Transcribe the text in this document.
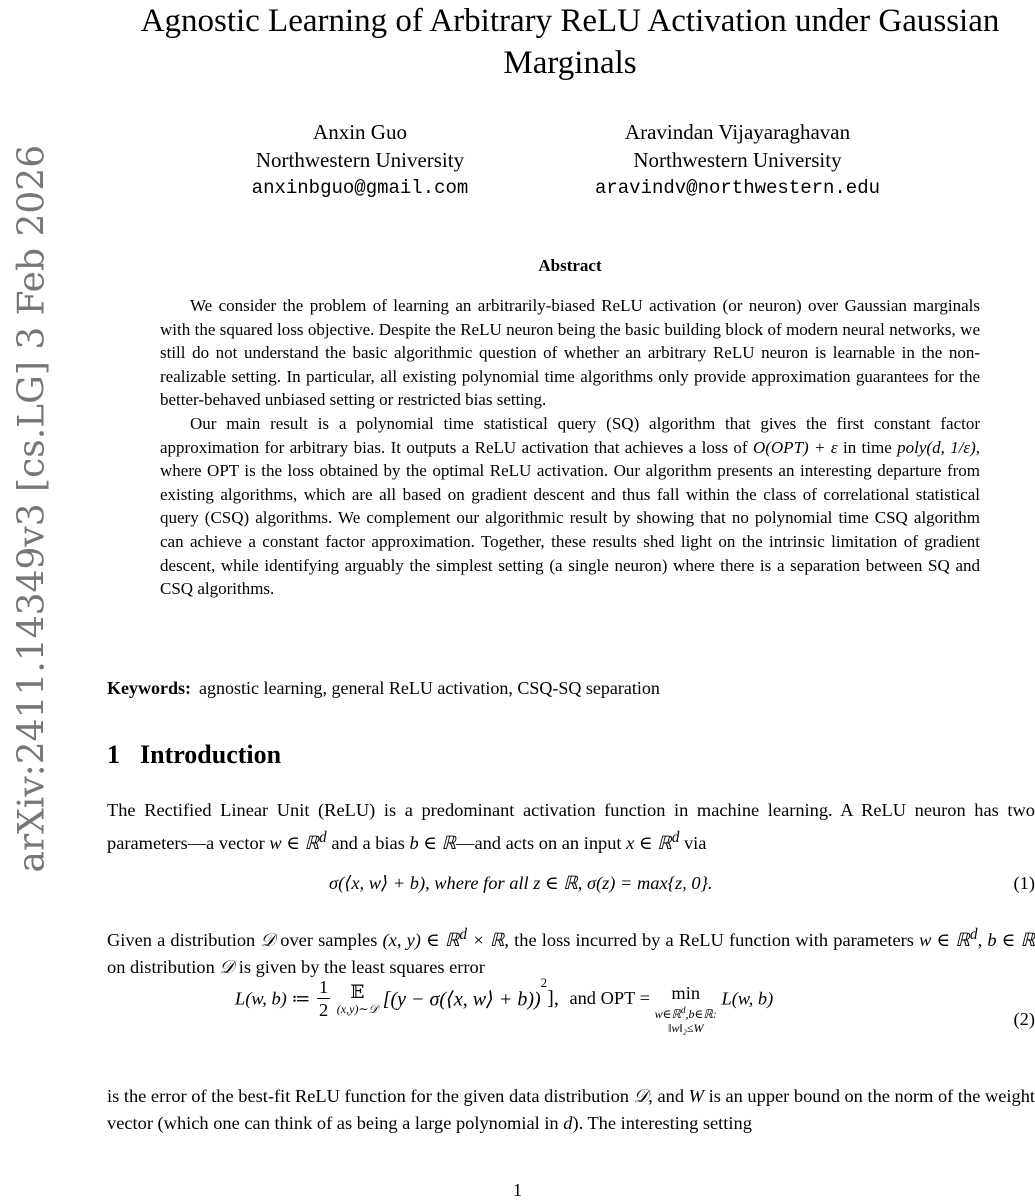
arXiv:2411.14349v3 [cs.LG] 3 Feb 2026
Agnostic Learning of Arbitrary ReLU Activation under Gaussian Marginals
Anxin Guo
Northwestern University
anxinbguo@gmail.com
Aravindan Vijayaraghavan
Northwestern University
aravindv@northwestern.edu
Abstract

We consider the problem of learning an arbitrarily-biased ReLU activation (or neuron) over Gaussian marginals with the squared loss objective. Despite the ReLU neuron being the basic building block of modern neural networks, we still do not understand the basic algorithmic question of whether an arbitrary ReLU neuron is learnable in the non-realizable setting. In particular, all existing polynomial time algorithms only provide approximation guarantees for the better-behaved unbiased setting or restricted bias setting.

Our main result is a polynomial time statistical query (SQ) algorithm that gives the first constant factor approximation for arbitrary bias. It outputs a ReLU activation that achieves a loss of O(OPT) + ε in time poly(d, 1/ε), where OPT is the loss obtained by the optimal ReLU activation. Our algorithm presents an interesting departure from existing algorithms, which are all based on gradient descent and thus fall within the class of correlational statistical query (CSQ) algorithms. We complement our algorithmic result by showing that no polynomial time CSQ algorithm can achieve a constant factor approximation. Together, these results shed light on the intrinsic limitation of gradient descent, while identifying arguably the simplest setting (a single neuron) where there is a separation between SQ and CSQ algorithms.

Keywords: agnostic learning, general ReLU activation, CSQ-SQ separation
1 Introduction
The Rectified Linear Unit (ReLU) is a predominant activation function in machine learning. A ReLU neuron has two parameters—a vector w ∈ ℝ$^d$ and a bias b ∈ ℝ—and acts on an input x ∈ ℝ$^d$ via
σ(⟨x, w⟩ + b), where for all z ∈ ℝ, σ(z) = max{z, 0}.	(1)
Given a distribution 𝒟 over samples (x, y) ∈ ℝ$^d$ × ℝ, the loss incurred by a ReLU function with parameters w ∈ ℝ$^d$, b ∈ ℝ on distribution 𝒟 is given by the least squares error
L(w, b) ≔ $\frac{1}{2}$
	𝔼
(x,y)∼𝒟 [(y − σ(⟨x, w⟩ + b))$^2$], and OPT =	min
w∈ℝ$^d$,b∈ℝ:
‖w‖₂≤W
L(w, b)
(2)
is the error of the best-fit ReLU function for the given data distribution 𝒟, and W is an upper bound on the norm of the weight vector (which one can think of as being a large polynomial in d). The interesting setting
1
